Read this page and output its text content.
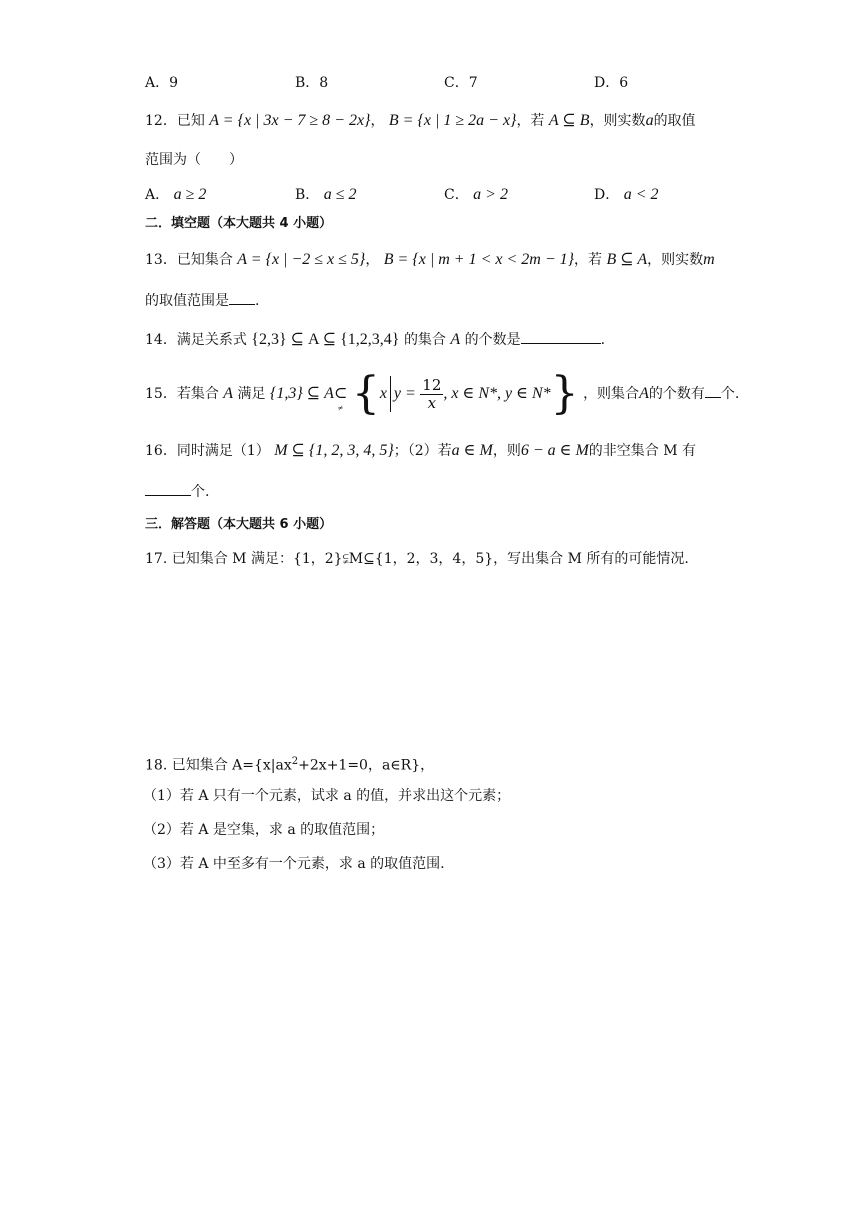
A．9	B．8	C．7	D．6
12．已知 A = {x | 3x − 7 ≥ 8 − 2x}， B = {x | 1 ≥ 2a − x}，若 A ⊆ B，则实数a的取值
范围为（　　）
A． a ≥ 2	B． a ≤ 2	C． a > 2	D． a < 2
二．填空题（本大题共 4 小题）
13．已知集合 A = {x | −2 ≤ x ≤ 5}， B = {x | m + 1 < x < 2m − 1}，若 B ⊆ A，则实数m
的取值范围是 .
14．满足关系式 {2,3} ⊆ A ⊆ {1,2,3,4} 的集合 A 的个数是	.
15．若集合 A 满足 {1,3} ⊆ A⊂
≠ {x $y = \frac{12}{x}$ , x ∈ N*, y ∈ N*} ，则集合A的个数有 个.
16．同时满足（1） M ⊆ {1, 2, 3, 4, 5}；（2）若a ∈ M，则6 − a ∈ M的非空集合 M 有
个.
三．解答题（本大题共 6 小题）
17. 已知集合 M 满足：{1，2}⫋M⊆{1，2，3，4，5}，写出集合 M 所有的可能情况.
18. 已知集合 $A=\{x|ax^2+2x+1=0$，a∈R}，
（1）若 A 只有一个元素，试求 a 的值，并求出这个元素；
（2）若 A 是空集，求 a 的取值范围；
（3）若 A 中至多有一个元素，求 a 的取值范围.
